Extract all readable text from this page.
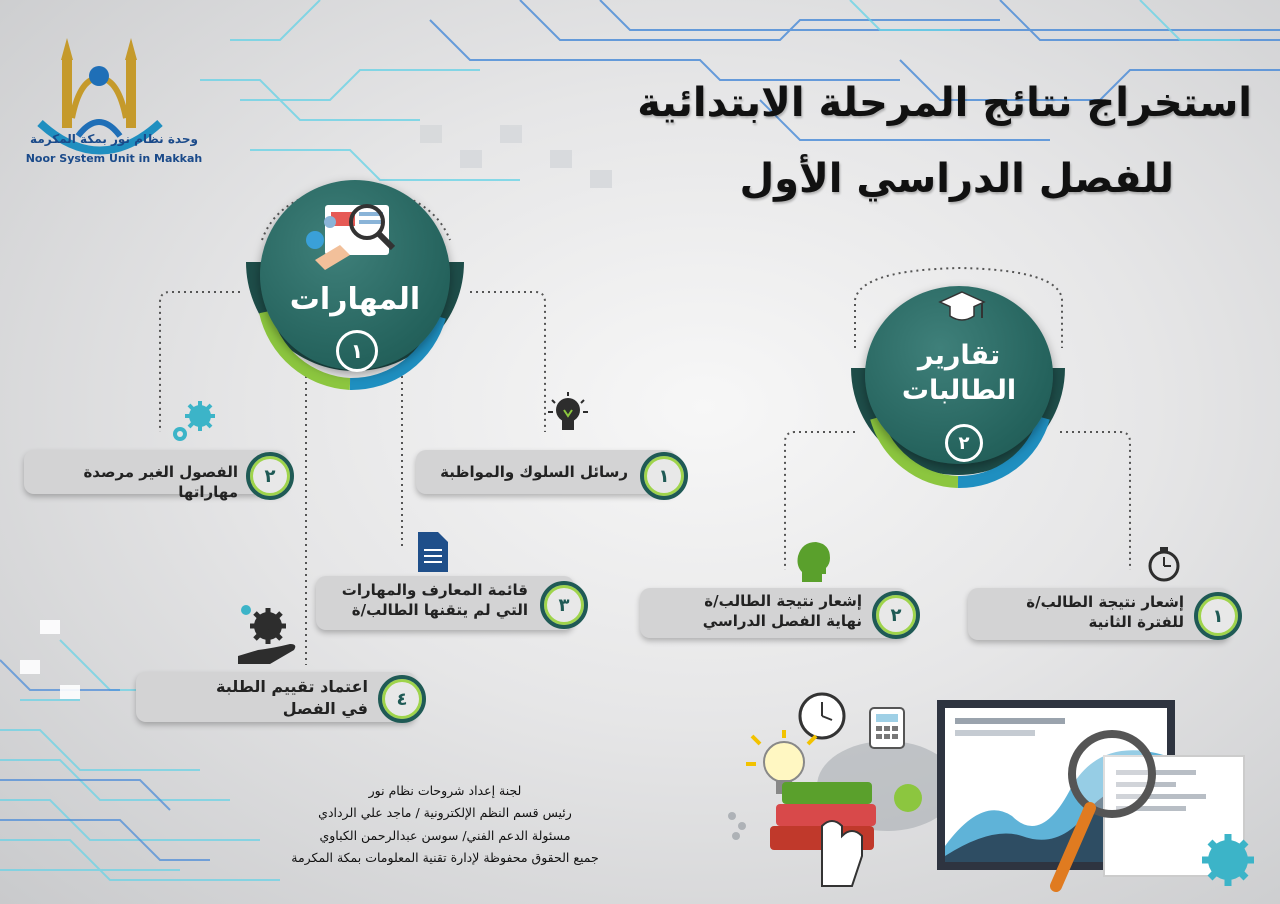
وحدة نظام نور بمكة المكرمة
Noor System Unit in Makkah
استخراج نتائج المرحلة الابتدائية
للفصل الدراسي الأول
المهارات
١	تقارير
الطالبات
٢
١
رسائل السلوك والمواظبة
٢
الفصول الغير مرصدة مهاراتها
٣
قائمة المعارف والمهارات
التي لم يتقنها الطالب/ة
٤
اعتماد تقييم الطلبة
في الفصل
١
إشعار نتيجة الطالب/ة
للفترة الثانية
٢
إشعار نتيجة الطالب/ة
نهاية الفصل الدراسي
لجنة إعداد شروحات نظام نور
رئيس قسم النظم الإلكترونية / ماجد علي الردادي
مسئولة الدعم الفني/ سوسن عبدالرحمن الكباوي
جميع الحقوق محفوظة لإدارة تقنية المعلومات بمكة المكرمة
